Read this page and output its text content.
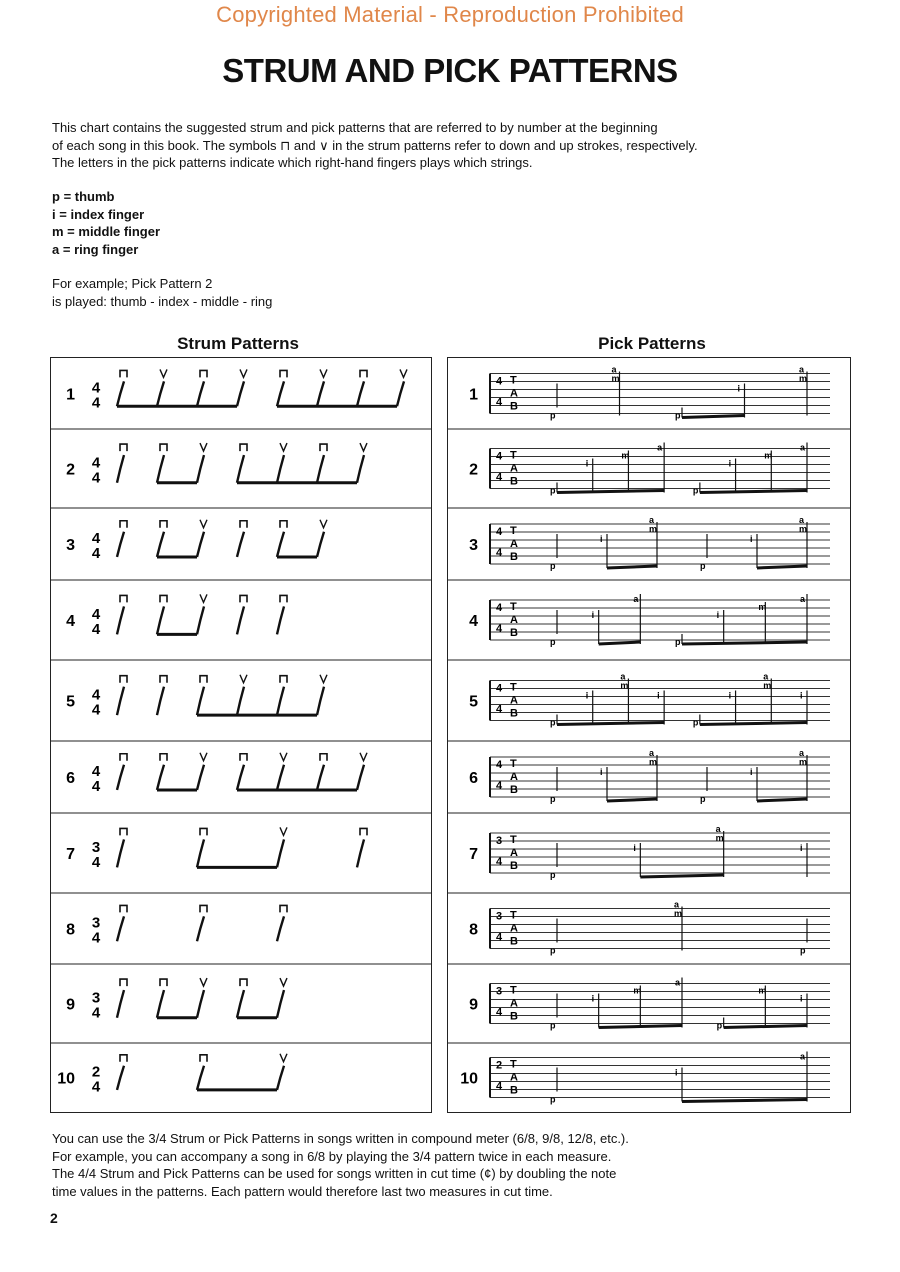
Copyrighted Material - Reproduction Prohibited
STRUM AND PICK PATTERNS
This chart contains the suggested strum and pick patterns that are referred to by number at the beginning
of each song in this book. The symbols ⊓ and ∨ in the strum patterns refer to down and up strokes, respectively.
The letters in the pick patterns indicate which right-hand fingers plays which strings.
p = thumb
i = index finger
m = middle finger
a = ring finger
For example; Pick Pattern 2
is played: thumb - index - middle - ring
Strum Patterns	Pick Patterns
1 4
4
2 4
4
3 4
4
4 4
4
5 4
4
6 4
4
7 3
4
8 3
4
9 3
4
10 2
4
1
4
4
T
A
B
p
a
m
p
i
a
m
2
4
4
T
A
B
p
i
m
a
p
i
m
a
3
4
4
T
A
B
p
i
a
m
p
i
a
m
4
4
4
T
A
B
p
i
a
p
i
m
a
5
4
4
T
A
B
p
i
a
m
i
p
i
a
m
i
6
4
4
T
A
B
p
i
a
m
p
i
a
m
7
3
4
T
A
B
p
i
a
m
i
8
3
4
T
A
B
p
a
m
p
9
3
4
T
A
B
p
i
m
a
p
m
i
10
2
4
T
A
B
p
i
a
You can use the 3/4 Strum or Pick Patterns in songs written in compound meter (6/8, 9/8, 12/8, etc.).
For example, you can accompany a song in 6/8 by playing the 3/4 pattern twice in each measure.
The 4/4 Strum and Pick Patterns can be used for songs written in cut time (¢) by doubling the note
time values in the patterns. Each pattern would therefore last two measures in cut time.
2
